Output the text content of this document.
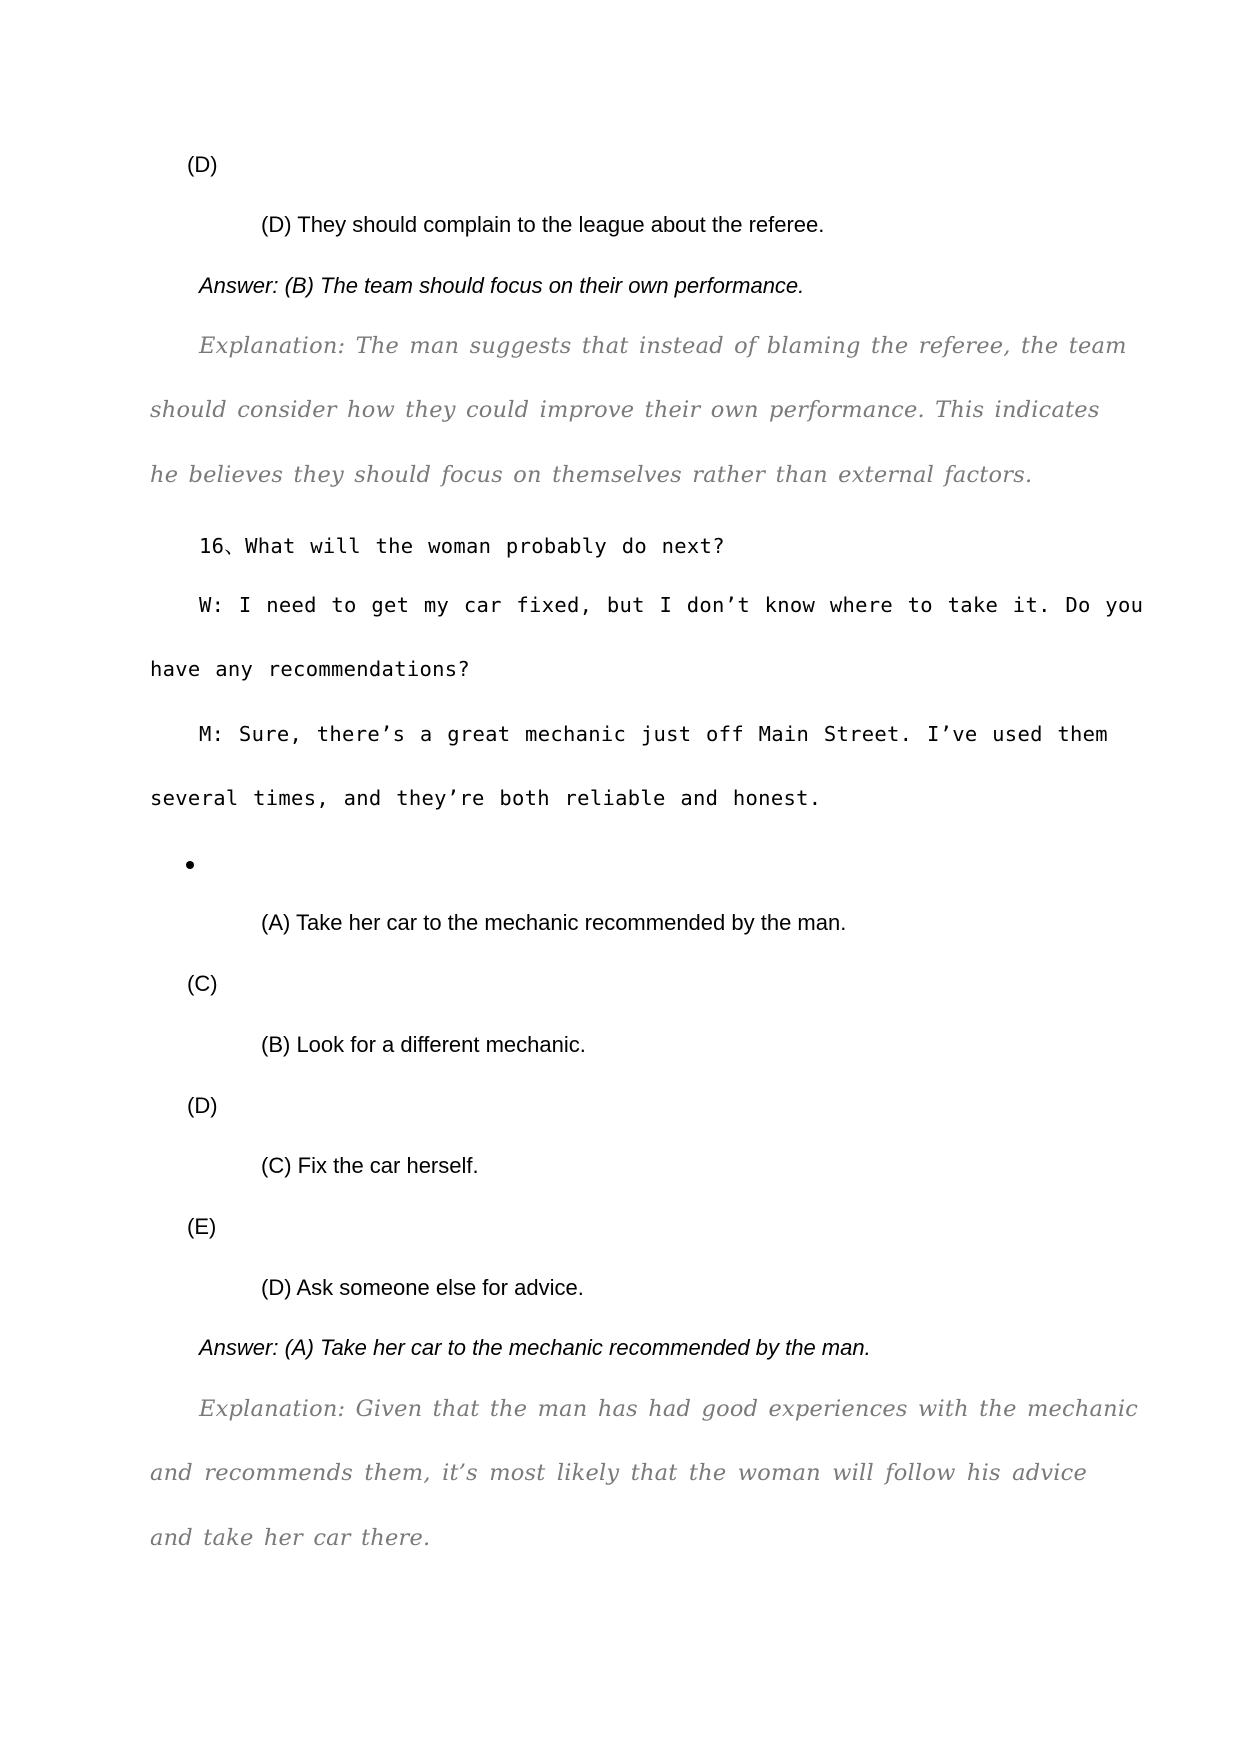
(D)
(D) They should complain to the league about the referee.
Answer: (B) The team should focus on their own performance.
Explanation: The man suggests that instead of blaming the referee, the team
should consider how they could improve their own performance. This indicates
he believes they should focus on themselves rather than external factors.
16、What will the woman probably do next?
W: I need to get my car fixed, but I don’t know where to take it. Do you
have any recommendations?
M: Sure, there’s a great mechanic just off Main Street. I’ve used them
several times, and they’re both reliable and honest.
(A) Take her car to the mechanic recommended by the man.
(C)
(B) Look for a different mechanic.
(D)
(C) Fix the car herself.
(E)
(D) Ask someone else for advice.
Answer: (A) Take her car to the mechanic recommended by the man.
Explanation: Given that the man has had good experiences with the mechanic
and recommends them, it’s most likely that the woman will follow his advice
and take her car there.
